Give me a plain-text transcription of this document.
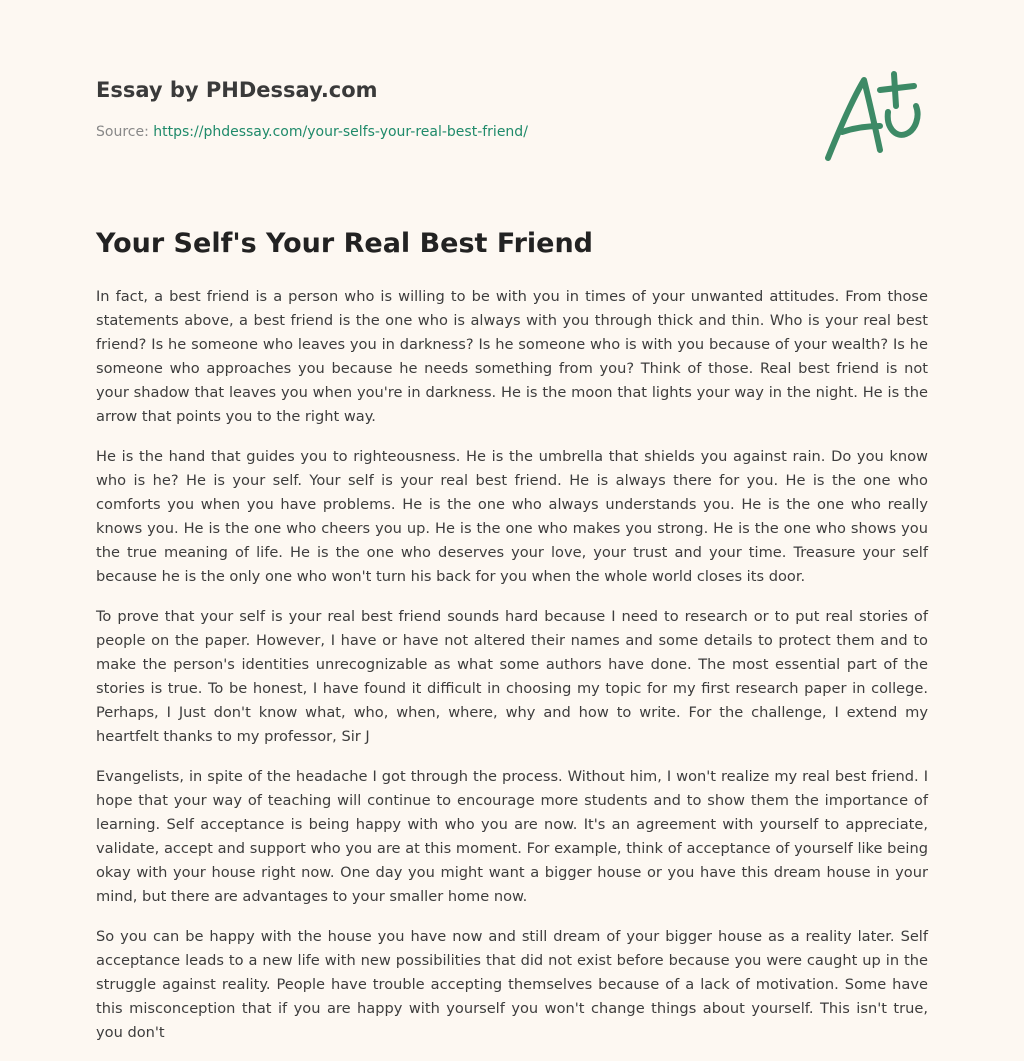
Essay by PHDessay.com
Source: https://phdessay.com/your-selfs-your-real-best-friend/
Your Self's Your Real Best Friend

In fact, a best friend is a person who is willing to be with you in times of your unwanted attitudes. From those statements above, a best friend is the one who is always with you through thick and thin. Who is your real best friend? Is he someone who leaves you in darkness? Is he someone who is with you because of your wealth? Is he someone who approaches you because he needs something from you? Think of those. Real best friend is not your shadow that leaves you when you're in darkness. He is the moon that lights your way in the night. He is the arrow that points you to the right way.

He is the hand that guides you to righteousness. He is the umbrella that shields you against rain. Do you know who is he? He is your self. Your self is your real best friend. He is always there for you. He is the one who comforts you when you have problems. He is the one who always understands you. He is the one who really knows you. He is the one who cheers you up. He is the one who makes you strong. He is the one who shows you the true meaning of life. He is the one who deserves your love, your trust and your time. Treasure your self because he is the only one who won't turn his back for you when the whole world closes its door.

To prove that your self is your real best friend sounds hard because I need to research or to put real stories of people on the paper. However, I have or have not altered their names and some details to protect them and to make the person's identities unrecognizable as what some authors have done. The most essential part of the stories is true. To be honest, I have found it difficult in choosing my topic for my first research paper in college. Perhaps, I Just don't know what, who, when, where, why and how to write. For the challenge, I extend my heartfelt thanks to my professor, Sir J

Evangelists, in spite of the headache I got through the process. Without him, I won't realize my real best friend. I hope that your way of teaching will continue to encourage more students and to show them the importance of learning. Self acceptance is being happy with who you are now. It's an agreement with yourself to appreciate, validate, accept and support who you are at this moment. For example, think of acceptance of yourself like being okay with your house right now. One day you might want a bigger house or you have this dream house in your mind, but there are advantages to your smaller home now.

So you can be happy with the house you have now and still dream of your bigger house as a reality later. Self acceptance leads to a new life with new possibilities that did not exist before because you were caught up in the struggle against reality. People have trouble accepting themselves because of a lack of motivation. Some have this misconception that if you are happy with yourself you won't change things about yourself. This isn't true, you don't
